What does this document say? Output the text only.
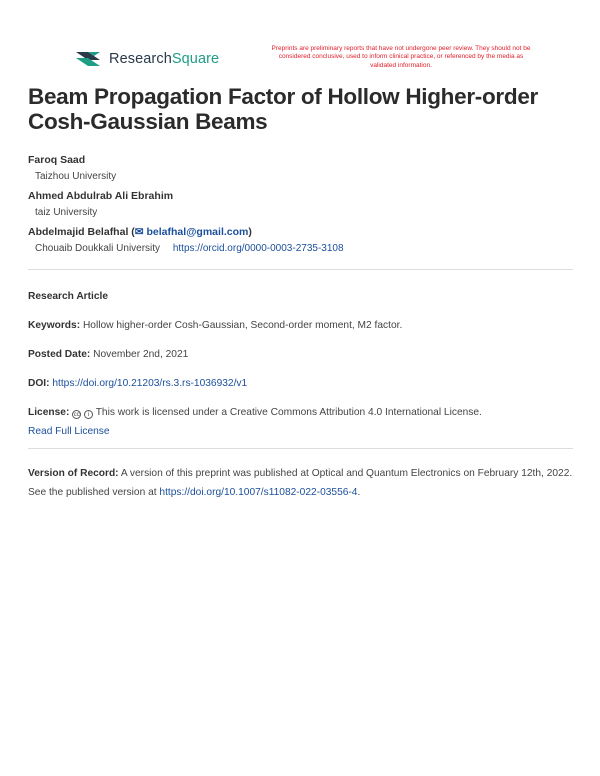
ResearchSquare
Preprints are preliminary reports that have not undergone peer review. They should not be considered conclusive, used to inform clinical practice, or referenced by the media as validated information.
Beam Propagation Factor of Hollow Higher-order Cosh-Gaussian Beams
Faroq Saad
Taizhou University
Ahmed Abdulrab Ali Ebrahim
taiz University
Abdelmajid Belafhal (✉ belafhal@gmail.com)
Chouaib Doukkali University https://orcid.org/0000-0003-2735-3108
Research Article
Keywords: Hollow higher-order Cosh-Gaussian, Second-order moment, M2 factor.
Posted Date: November 2nd, 2021
DOI: https://doi.org/10.21203/rs.3.rs-1036932/v1
License: cc i This work is licensed under a Creative Commons Attribution 4.0 International License.
Read Full License
Version of Record: A version of this preprint was published at Optical and Quantum Electronics on February 12th, 2022. See the published version at https://doi.org/10.1007/s11082-022-03556-4.
